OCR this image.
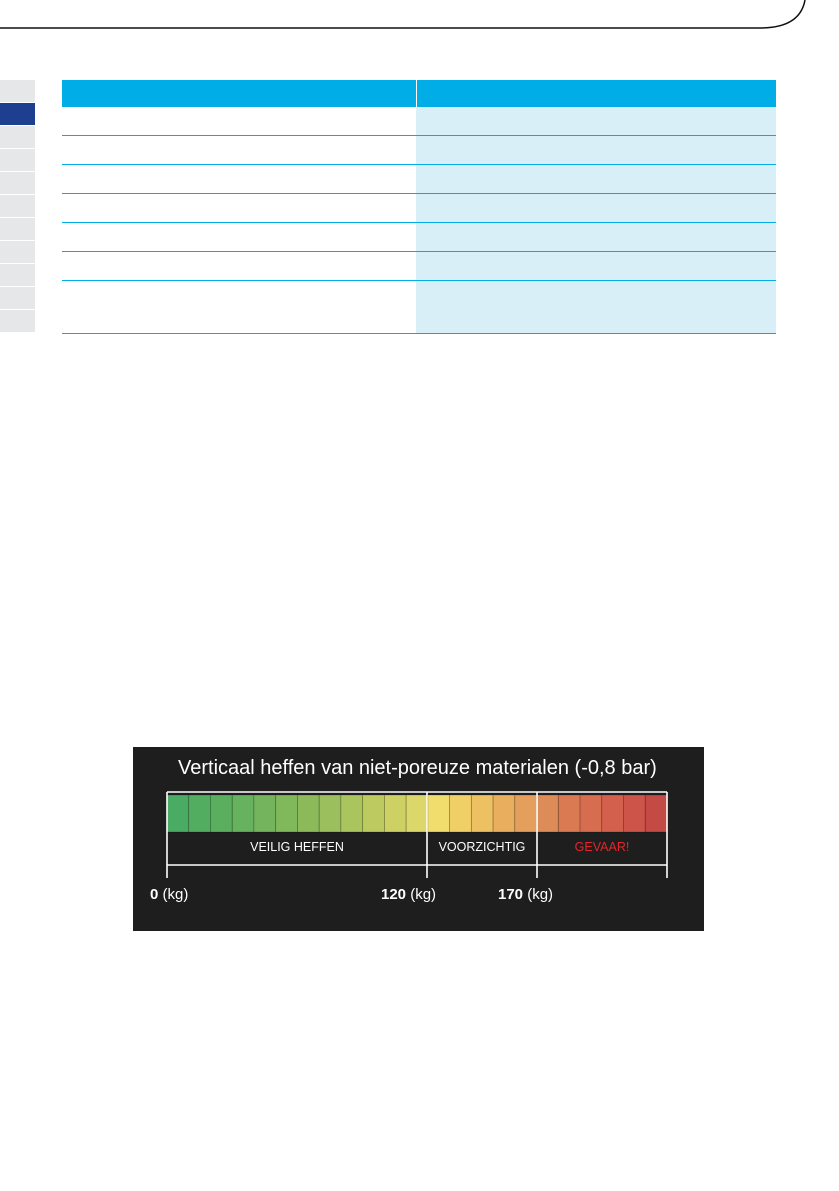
Verticaal heffen van niet-poreuze materialen (-0,8 bar)
VEILIG HEFFEN	VOORZICHTIG	GEVAAR!
0 (kg)	120 (kg)	170 (kg)
